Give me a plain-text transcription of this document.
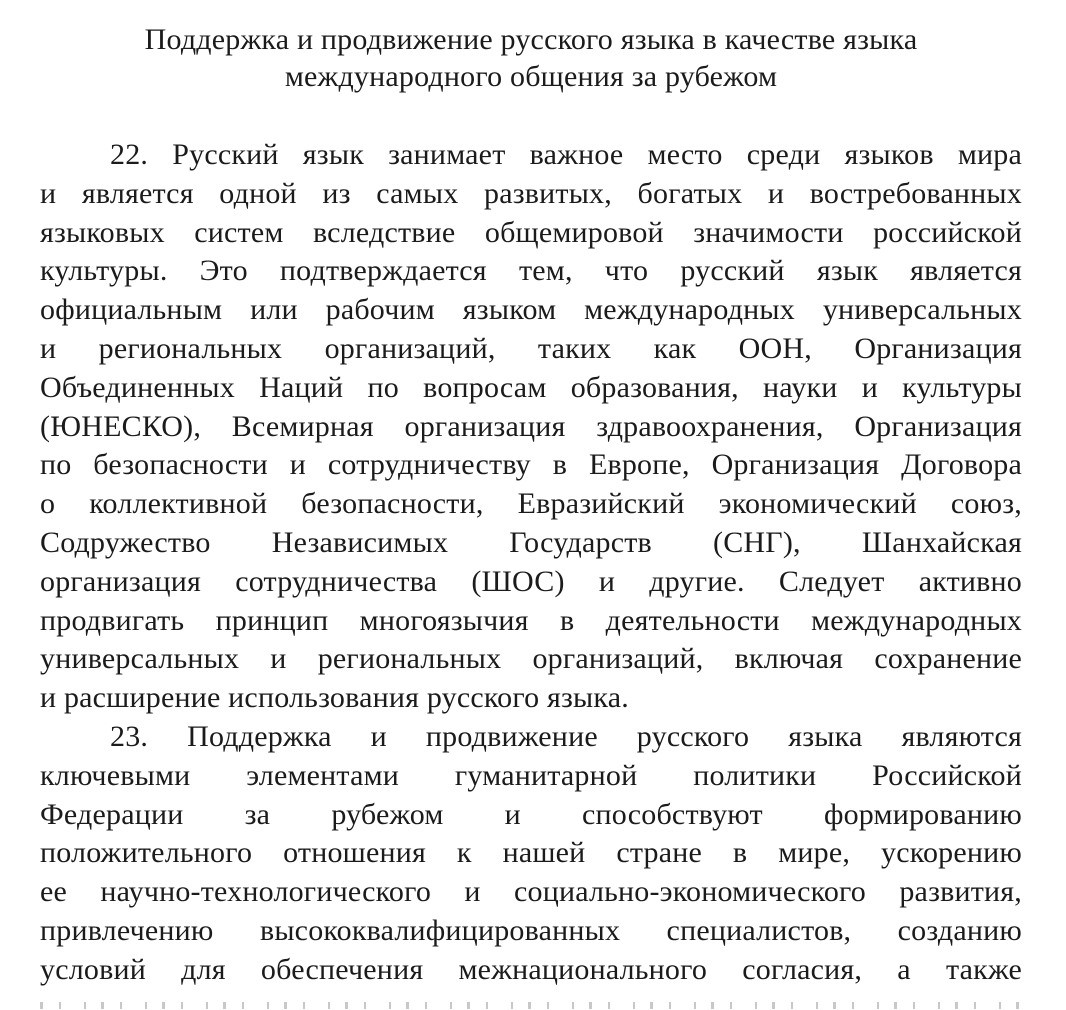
Поддержка и продвижение русского языка в качестве языка
международного общения за рубежом

22. Русский язык занимает важное место среди языков мира
и является одной из самых развитых, богатых и востребованных
языковых систем вследствие общемировой значимости российской
культуры. Это подтверждается тем, что русский язык является
официальным или рабочим языком международных универсальных
и региональных организаций, таких как ООН, Организация
Объединенных Наций по вопросам образования, науки и культуры
(ЮНЕСКО), Всемирная организация здравоохранения, Организация
по безопасности и сотрудничеству в Европе, Организация Договора
о коллективной безопасности, Евразийский экономический союз,
Содружество Независимых Государств (СНГ), Шанхайская
организация сотрудничества (ШОС) и другие. Следует активно
продвигать принцип многоязычия в деятельности международных
универсальных и региональных организаций, включая сохранение
и расширение использования русского языка.

23. Поддержка и продвижение русского языка являются
ключевыми элементами гуманитарной политики Российской
Федерации за рубежом и способствуют формированию
положительного отношения к нашей стране в мире, ускорению
ее научно-технологического и социально-экономического развития,
привлечению высококвалифицированных специалистов, созданию
условий для обеспечения межнационального согласия, а также
